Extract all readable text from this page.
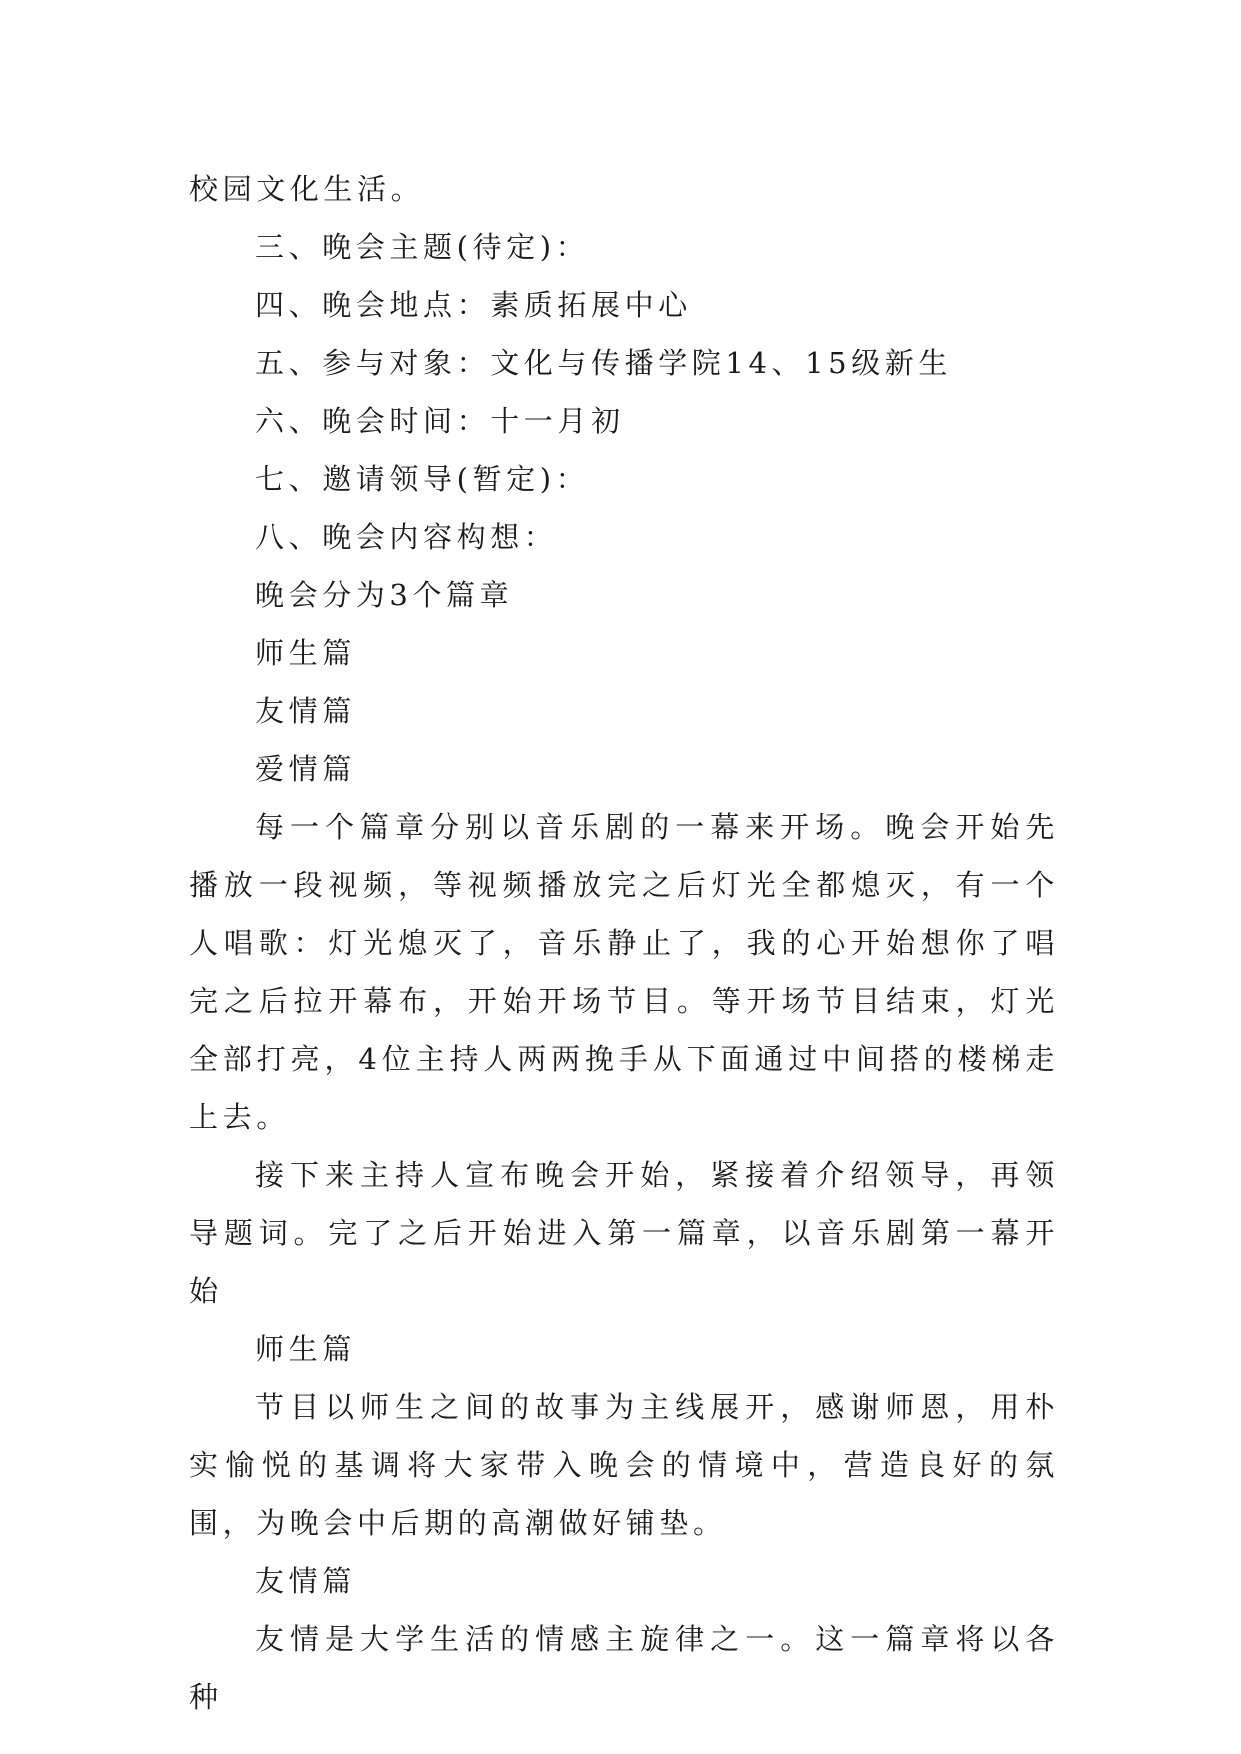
校园文化生活。

三、晚会主题(待定)：

四、晚会地点：素质拓展中心

五、参与对象：文化与传播学院14、15级新生

六、晚会时间：十一月初

七、邀请领导(暂定)：

八、晚会内容构想：

晚会分为3个篇章

师生篇

友情篇

爱情篇

每一个篇章分别以音乐剧的一幕来开场。晚会开始先播放一段视频，等视频播放完之后灯光全都熄灭，有一个人唱歌：灯光熄灭了，音乐静止了，我的心开始想你了唱完之后拉开幕布，开始开场节目。等开场节目结束，灯光全部打亮，4位主持人两两挽手从下面通过中间搭的楼梯走上去。

接下来主持人宣布晚会开始，紧接着介绍领导，再领导题词。完了之后开始进入第一篇章，以音乐剧第一幕开始

师生篇

节目以师生之间的故事为主线展开，感谢师恩，用朴实愉悦的基调将大家带入晚会的情境中，营造良好的氛围，为晚会中后期的高潮做好铺垫。

友情篇

友情是大学生活的情感主旋律之一。这一篇章将以各种
